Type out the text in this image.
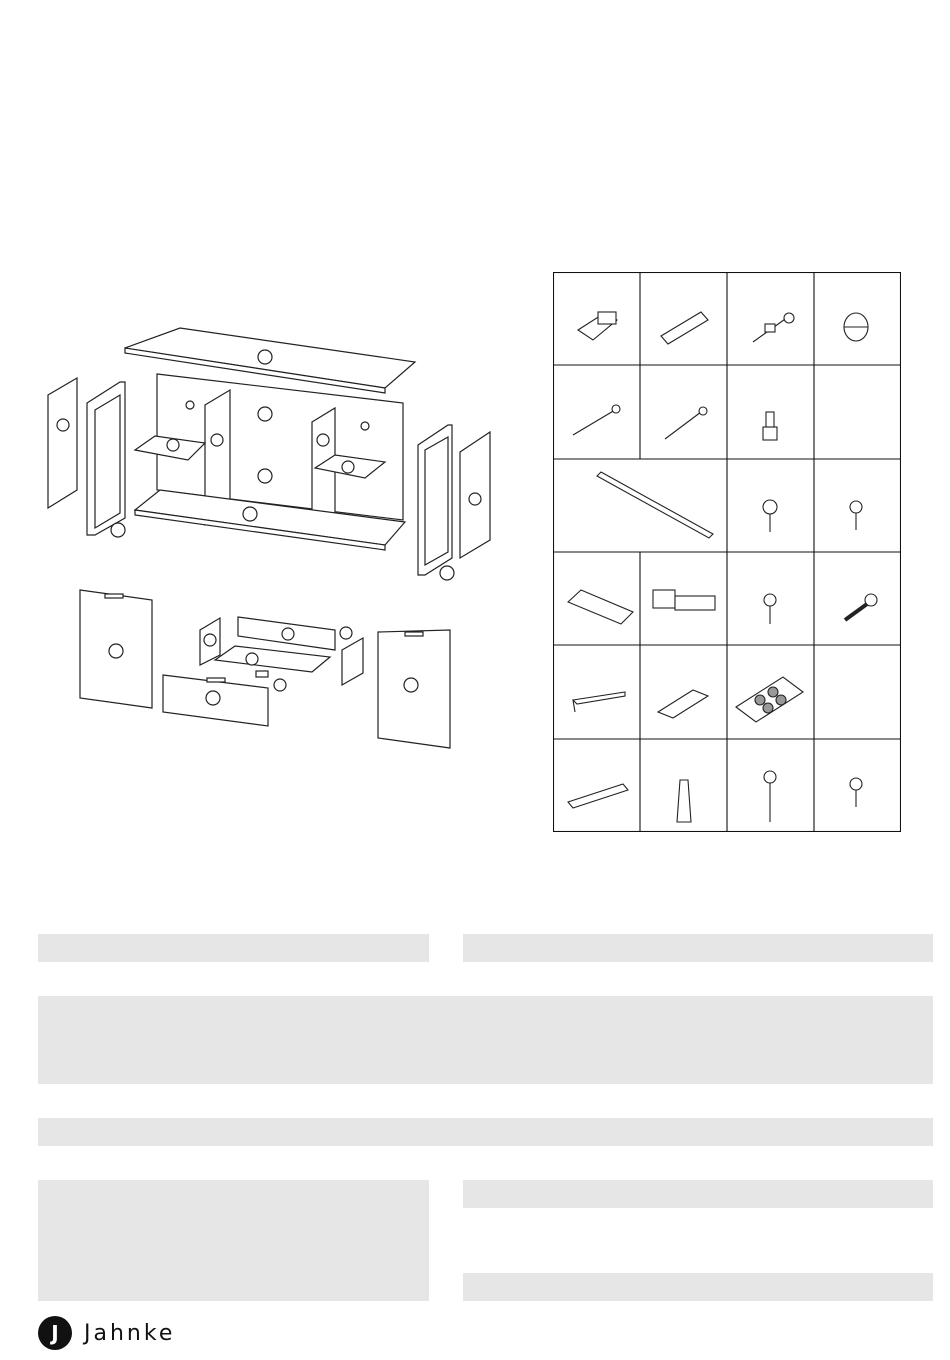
J	Jahnke
